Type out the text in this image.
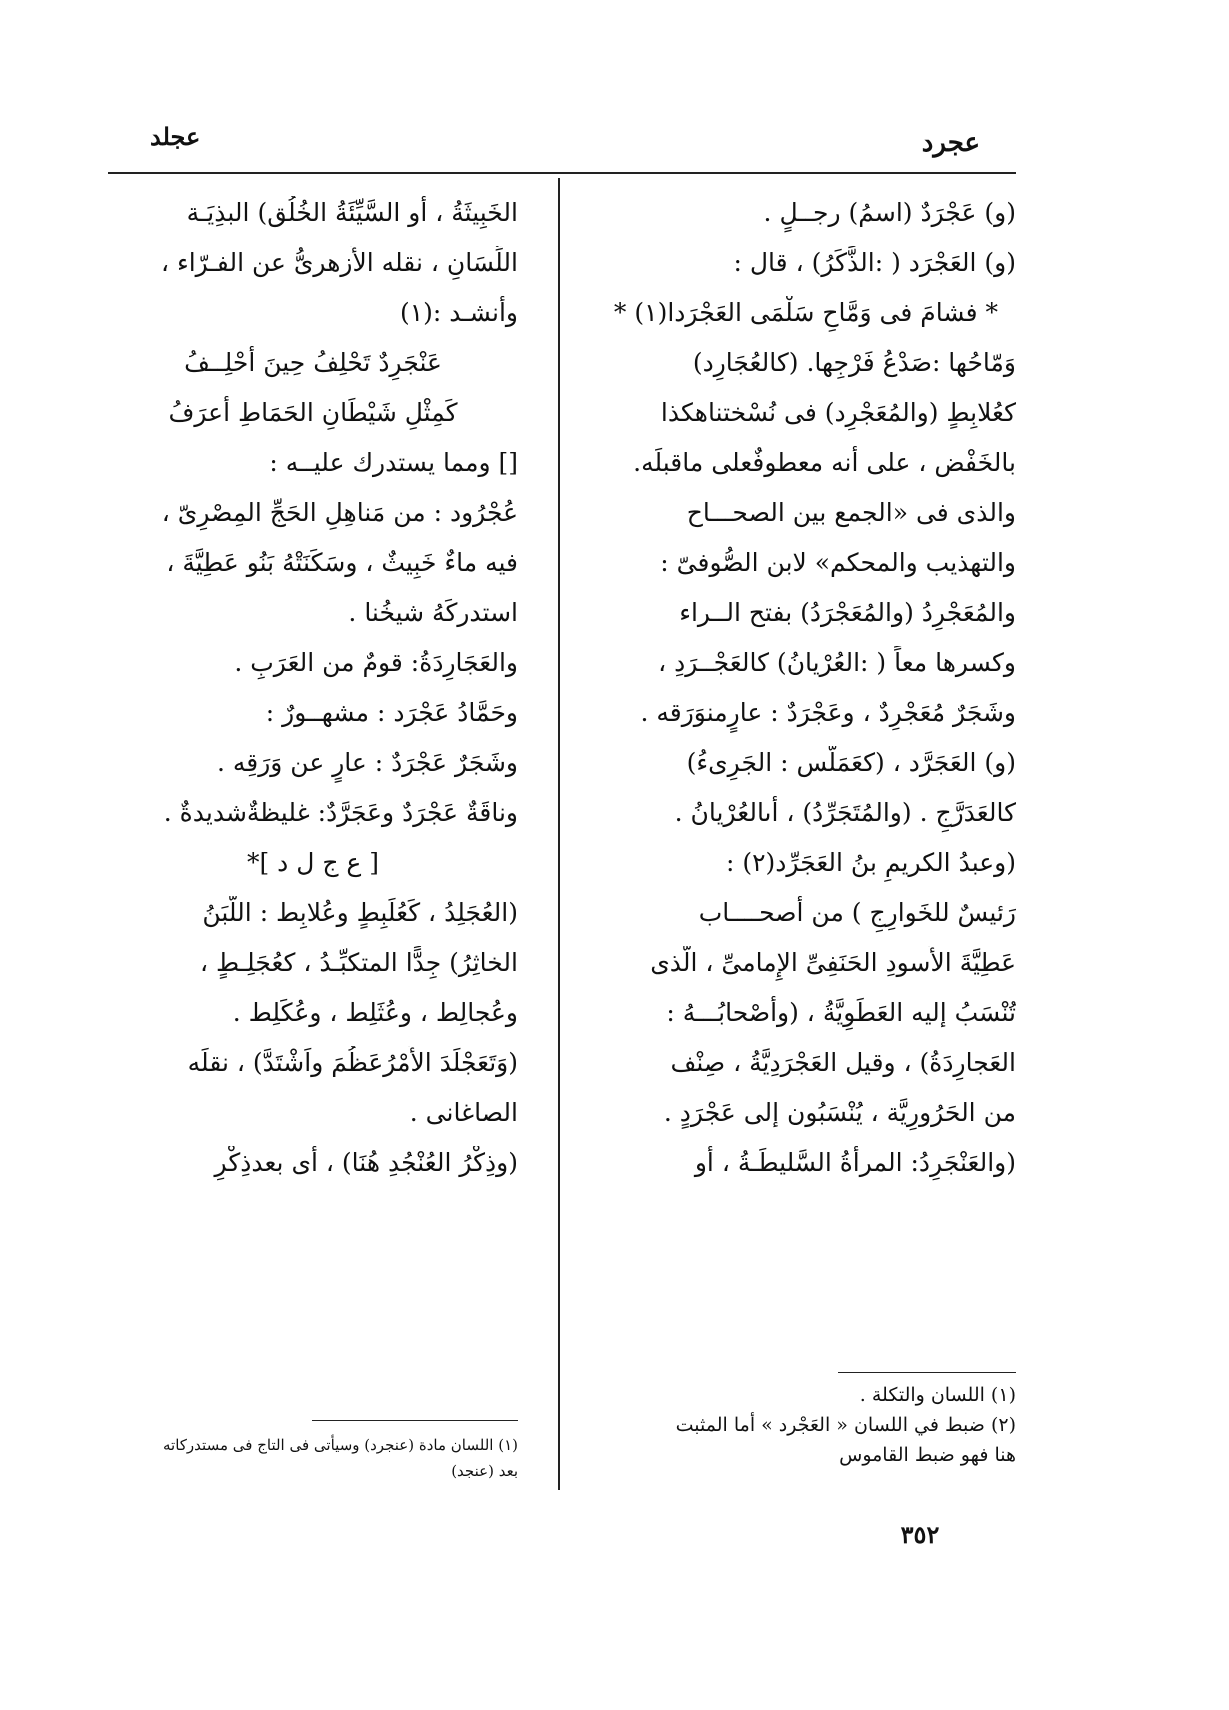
عجرد
عجلد
(و) عَجْرَدٌ (اسمُ) رجــلٍ .
(و) العَجْرَد ( :الذَّكَرُ) ، قال :
* فشامَ فى وَمَّاحِ سَلْمَى العَجْرَدا(١) *
وَمّاحُها :صَدْعُ فَرْجِها. (كالعُجَارِد)
كعُلابِطٍ (والمُعَجْرِد) فى نُسْختناهكذا
بالخَفْض ، على أنه معطوفٌعلى ماقبلَه.
والذى فى «الجمع بين الصحـــاح
والتهذيب والمحكم» لابن الصُّوفىّ :
والمُعَجْرِدُ (والمُعَجْرَدُ) بفتح الــراء
وكسرها معاً ( :العُرْيانُ) كالعَجْــرَدِ ،
وشَجَرٌ مُعَجْرِدٌ ، وعَجْرَدٌ : عارٍمنوَرَقه .
(و) العَجَرَّد ، (كعَمَلَّس : الجَرِىءُ)
كالعَدَرَّجِ . (والمُتَجَرِّدُ) ، أىالعُرْيانُ .
(وعبدُ الكريمِ بنُ العَجَرِّد(٢) :
رَئيسٌ للخَوارِجِ ) من أَصحــــاب
عَطِيَّةَ الأَسودِ الحَنَفِىِّ الإِمامىِّ ، الّذى
تُنْسَبُ إليه العَطَوِيَّةُ ، (وأَصْحابُـــهُ :
العَجارِدَةُ) ، وقيل العَجْرَدِيَّةُ ، صِنْف
من الحَرُورِيَّة ، يُنْسَبُون إلى عَجْرَدٍ .
(والعَنْجَرِدُ: المرأَةُ السَّليطَـةُ ، أو
الخَبِيثَةُ ، أَو السَّيِّئَةُ الخُلُق) البذِيَـة
اللِّسَانِ ، نقله الأَزهرىُّ عن الفـرّاء ،
وأَنشـد :(١)
عَنْجَرِدٌ تَحْلِفُ حِينَ أَحْلِــفُ
كَمِثْلِ شَيْطَانِ الحَمَاطِ أَعرَفُ
[] ومما يستدرك عليــه :
عُجْرُود : من مَناهِلِ الحَجِّ المِصْرِىّ ،
فيه ماءٌ خَبِيثٌ ، وسَكَنَتْهُ بَنُو عَطِيَّةَ ،
استدركَهُ شيخُنا .
والعَجَارِدَةُ: قومٌ من العَرَبِ .
وحَمَّادُ عَجْرَد : مشهــورٌ :
وشَجَرٌ عَجْرَدٌ : عارٍ عن وَرَقِه .
وناقَةٌ عَجْرَدٌ وعَجَرَّدٌ: غليظةٌشديدةٌ .
[ ع ج ل د ]*
(العُجَلِدُ ، كَعُلَبِطٍ وعُلابِط : اللَّبَنُ
الخاثِرُ) جِدًّا المتكبِّـدُ ، كعُجَلِـطٍ ،
وعُجالِط ، وعُثَلِط ، وعُكَلِط .
(وَتَعَجْلَدَ الأَمْرُعَظُمَ واَشْتَدَّ) ، نقلَه
الصاغانى .
(وذِكْرُ العُنْجُدِ هُنَا) ، أَى بعدذِكْرِ
(١) اللسان والتكلة .
(٢) ضبط في اللسان « العَجْرد » أما المثبت
هنا فهو ضبط القاموس
(١) اللسان مادة (عنجرد) وسيأتى فى التاج فى مستدركاته
بعد (عنجد)
٣٥٢
